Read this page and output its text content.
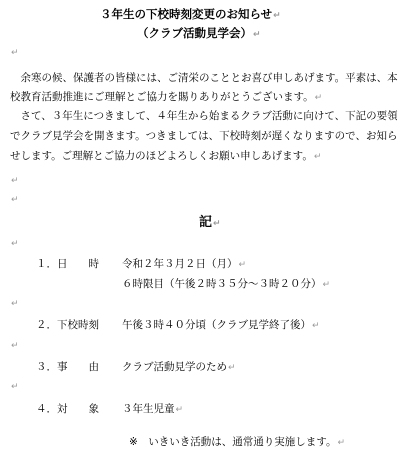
３年生の下校時刻変更のお知らせ↵
（クラブ活動見学会）↵
↵
　余寒の候、保護者の皆様には、ご清栄のこととお喜び申しあげます。平素は、本
校教育活動推進にご理解とご協力を賜りありがとうございます。↵
　さて、３年生につきまして、４年生から始まるクラブ活動に向けて、下記の要領
でクラブ見学会を開きます。つきましては、下校時刻が遅くなりますので、お知ら
せします。ご理解とご協力のほどよろしくお願い申しあげます。↵
↵
↵
記↵
↵
１．日　　時 令和２年３月２日（月）↵
６時限目（午後２時３５分～３時２０分）↵
↵
２．下校時刻 午後３時４０分頃（クラブ見学終了後）↵
↵
３．事　　由 クラブ活動見学のため↵
↵
４．対　　象 ３年生児童↵
※　いきいき活動は、通常通り実施します。↵
